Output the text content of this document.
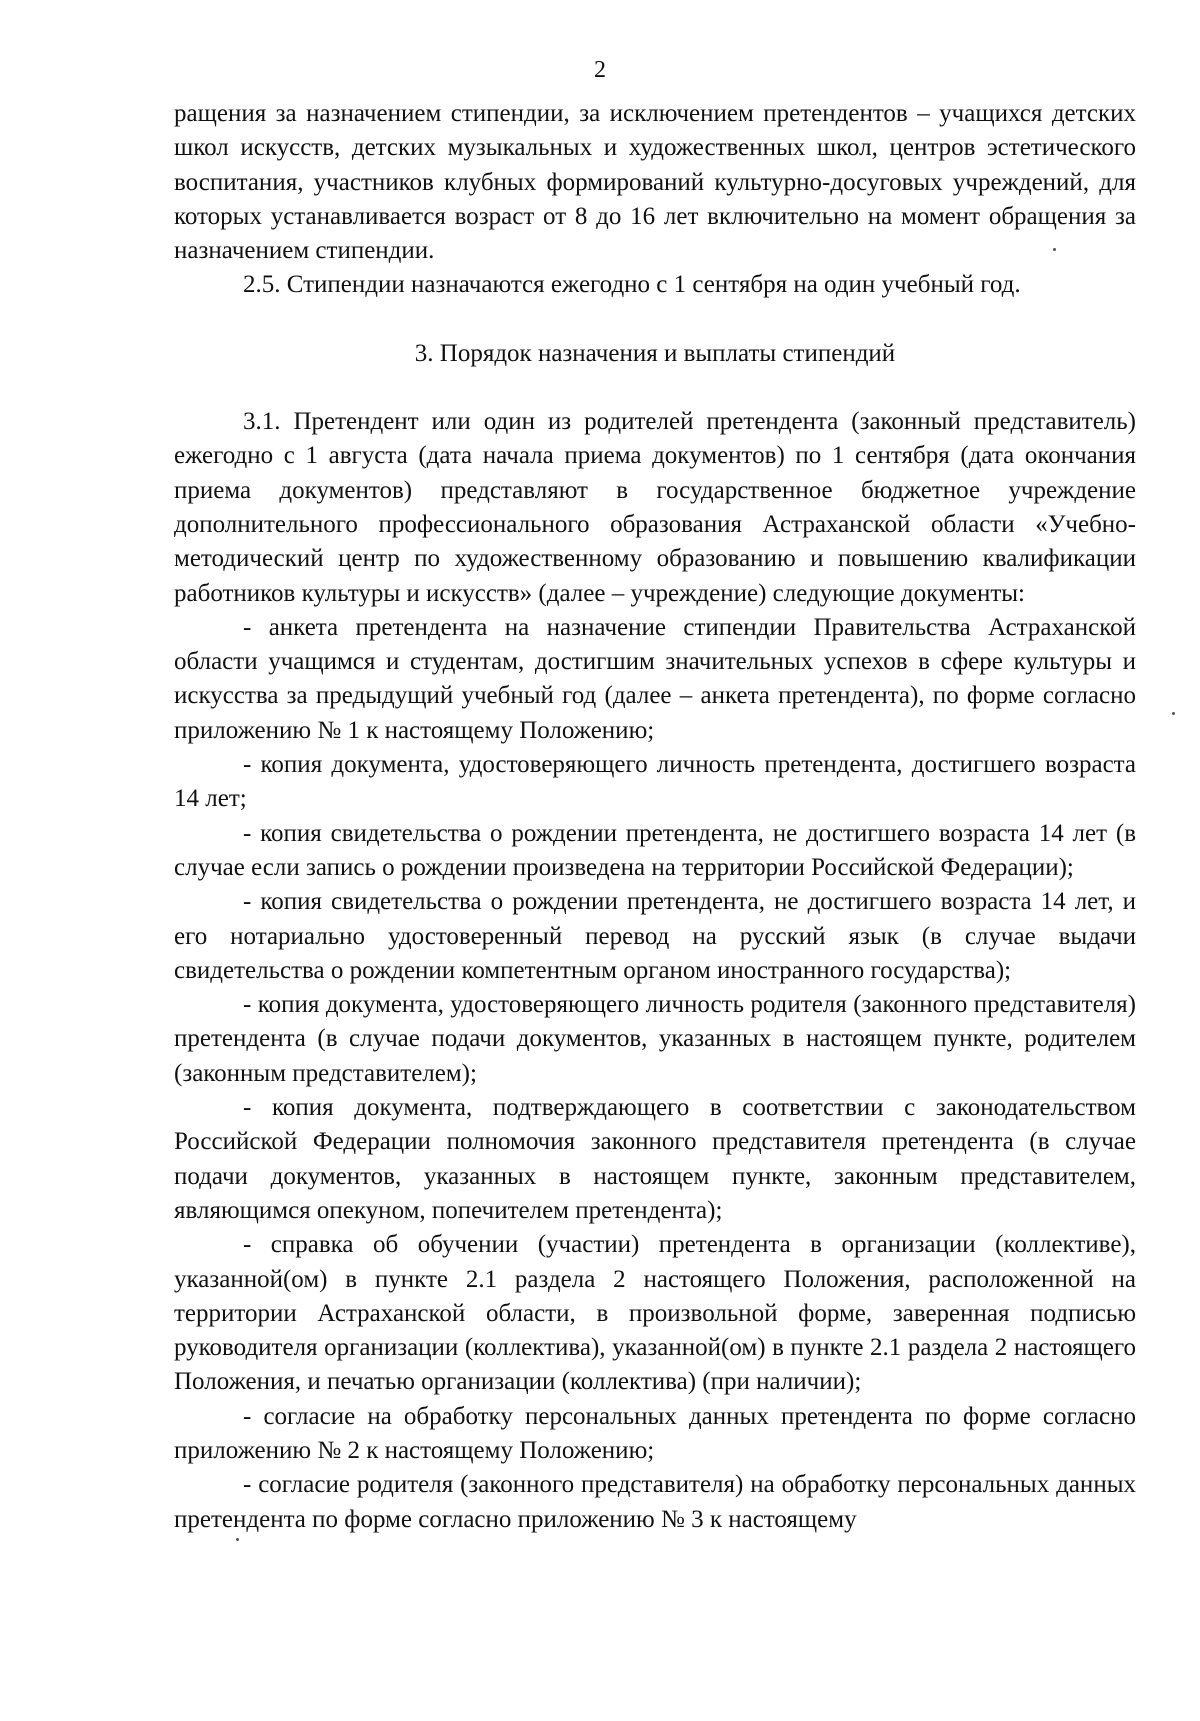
2

ращения за назначением стипендии, за исключением претендентов – учащихся детских школ искусств, детских музыкальных и художественных школ, центров эстетического воспитания, участников клубных формирований культурно-досуговых учреждений, для которых устанавливается возраст от 8 до 16 лет включительно на момент обращения за назначением стипендии.

2.5. Стипендии назначаются ежегодно с 1 сентября на один учебный год.

3. Порядок назначения и выплаты стипендий

3.1. Претендент или один из родителей претендента (законный представитель) ежегодно с 1 августа (дата начала приема документов) по 1 сентября (дата окончания приема документов) представляют в государственное бюджетное учреждение дополнительного профессионального образования Астраханской области «Учебно-методический центр по художественному образованию и повышению квалификации работников культуры и искусств» (далее – учреждение) следующие документы:

- анкета претендента на назначение стипендии Правительства Астраханской области учащимся и студентам, достигшим значительных успехов в сфере культуры и искусства за предыдущий учебный год (далее – анкета претендента), по форме согласно приложению № 1 к настоящему Положению;

- копия документа, удостоверяющего личность претендента, достигшего возраста 14 лет;

- копия свидетельства о рождении претендента, не достигшего возраста 14 лет (в случае если запись о рождении произведена на территории Российской Федерации);

- копия свидетельства о рождении претендента, не достигшего возраста 14 лет, и его нотариально удостоверенный перевод на русский язык (в случае выдачи свидетельства о рождении компетентным органом иностранного государства);

- копия документа, удостоверяющего личность родителя (законного представителя) претендента (в случае подачи документов, указанных в настоящем пункте, родителем (законным представителем);

- копия документа, подтверждающего в соответствии с законодательством Российской Федерации полномочия законного представителя претендента (в случае подачи документов, указанных в настоящем пункте, законным представителем, являющимся опекуном, попечителем претендента);

- справка об обучении (участии) претендента в организации (коллективе), указанной(ом) в пункте 2.1 раздела 2 настоящего Положения, расположенной на территории Астраханской области, в произвольной форме, заверенная подписью руководителя организации (коллектива), указанной(ом) в пункте 2.1 раздела 2 настоящего Положения, и печатью организации (коллектива) (при наличии);

- согласие на обработку персональных данных претендента по форме согласно приложению № 2 к настоящему Положению;

- согласие родителя (законного представителя) на обработку персональных данных претендента по форме согласно приложению № 3 к настоящему
